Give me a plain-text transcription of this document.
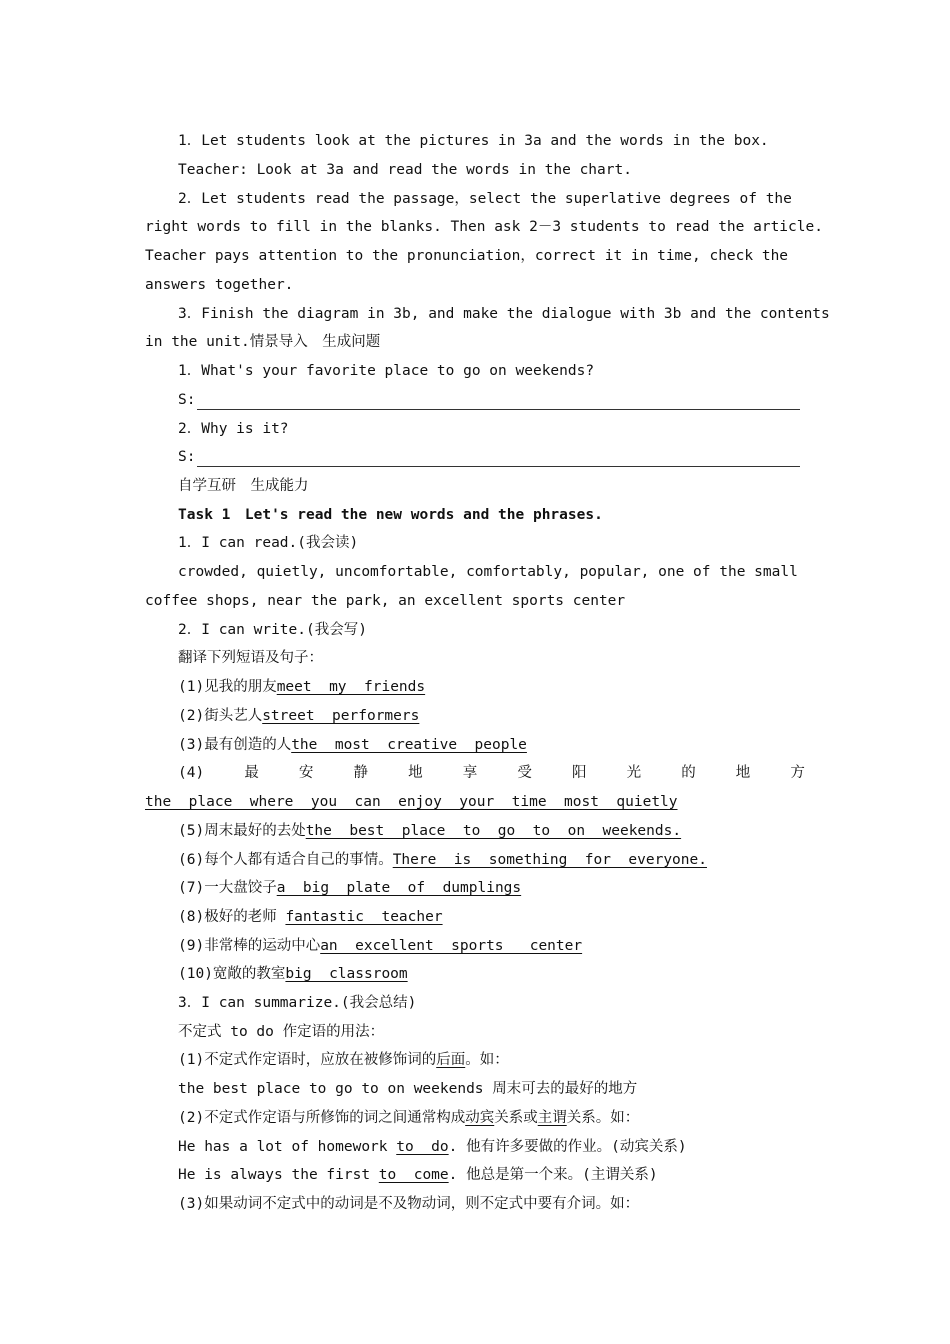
1．Let students look at the pictures in 3a and the words in the box.
Teacher: Look at 3a and read the words in the chart.
2．Let students read the passage，select the superlative degrees of the
right words to fill in the blanks. Then ask 2－3 students to read the article.
Teacher pays attention to the pronunciation，correct it in time, check the
answers together.
3．Finish the diagram in 3b, and make the dialogue with 3b and the contents
in the unit.情景导入　生成问题
1．What's your favorite place to go on weekends?
S:
2．Why is it?
S:
自学互研　生成能力
Task 1　Let's read the new words and the phrases.
1．I can read.(我会读)
crowded, quietly, uncomfortable, comfortably, popular, one of the small
coffee shops, near the park, an excellent sports center
2．I can write.(我会写)
翻译下列短语及句子：
(1)见我的朋友meet  my  friends
(2)街头艺人street  performers
(3)最有创造的人the  most  creative  people
(4)	最	安	静	地	享	受	阳	光	的	地	方
the  place  where  you  can  enjoy  your  time  most  quietly
(5)周末最好的去处the  best  place  to  go  to  on  weekends.
(6)每个人都有适合自己的事情。There  is  something  for  everyone.
(7)一大盘饺子a  big  plate  of  dumplings
(8)极好的老师 fantastic  teacher
(9)非常棒的运动中心an  excellent  sports   center
(10)宽敞的教室big  classroom
3．I can summarize.(我会总结)
不定式 to do 作定语的用法：
(1)不定式作定语时，应放在被修饰词的后面。如：
the best place to go to on weekends 周末可去的最好的地方
(2)不定式作定语与所修饰的词之间通常构成动宾关系或主谓关系。如：
He has a lot of homework to  do. 他有许多要做的作业。(动宾关系)
He is always the first to  come. 他总是第一个来。(主谓关系)
(3)如果动词不定式中的动词是不及物动词，则不定式中要有介词。如：
